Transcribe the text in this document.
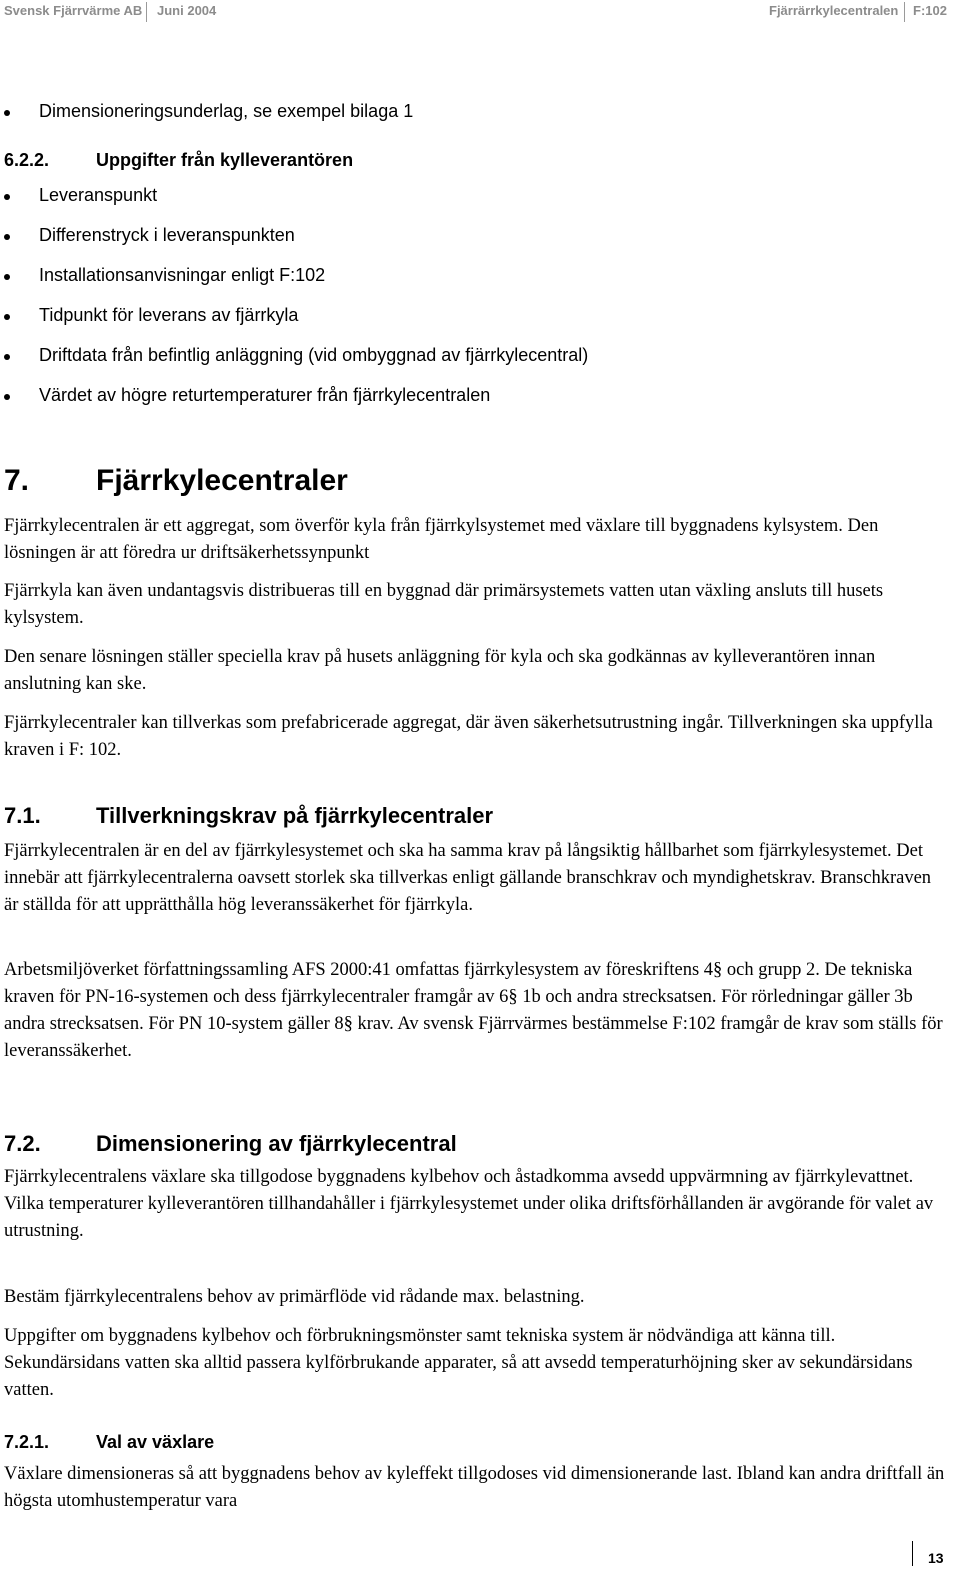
Svensk Fjärrvärme AB Juni 2004	Fjärrärrkylecentralen F:102
Dimensioneringsunderlag, se exempel bilaga 1
6.2.2.	Uppgifter från kylleverantören
Leveranspunkt
Differenstryck i leveranspunkten
Installationsanvisningar enligt F:102
Tidpunkt för leverans av fjärrkyla
Driftdata från befintlig anläggning (vid ombyggnad av fjärrkylecentral)
Värdet av högre returtemperaturer från fjärrkylecentralen
7. Fjärrkylecentraler

Fjärrkylecentralen är ett aggregat, som överför kyla från fjärrkylsystemet med växlare till byggnadens kylsystem. Den lösningen är att föredra ur driftsäkerhetssynpunkt

Fjärrkyla kan även undantagsvis distribueras till en byggnad där primärsystemets vatten utan växling ansluts till husets kylsystem.

Den senare lösningen ställer speciella krav på husets anläggning för kyla och ska godkännas av kylleverantören innan anslutning kan ske.

Fjärrkylecentraler kan tillverkas som prefabricerade aggregat, där även säkerhetsutrustning ingår. Tillverkningen ska uppfylla kraven i F: 102.

7.1.	Tillverkningskrav på fjärrkylecentraler

Fjärrkylecentralen är en del av fjärrkylesystemet och ska ha samma krav på långsiktig hållbarhet som fjärrkylesystemet. Det innebär att fjärrkylecentralerna oavsett storlek ska tillverkas enligt gällande branschkrav och myndighetskrav. Branschkraven är ställda för att upprätthålla hög leveranssäkerhet för fjärrkyla.

Arbetsmiljöverket författningssamling AFS 2000:41 omfattas fjärrkylesystem av föreskriftens 4§ och grupp 2. De tekniska kraven för PN-16-systemen och dess fjärrkylecentraler framgår av 6§ 1b och andra strecksatsen. För rörledningar gäller 3b andra strecksatsen. För PN 10-system gäller 8§ krav. Av svensk Fjärrvärmes bestämmelse F:102 framgår de krav som ställs för leveranssäkerhet.

7.2.	Dimensionering av fjärrkylecentral

Fjärrkylecentralens växlare ska tillgodose byggnadens kylbehov och åstadkomma avsedd uppvärmning av fjärrkylevattnet. Vilka temperaturer kylleverantören tillhandahåller i fjärrkylesystemet under olika driftsförhållanden är avgörande för valet av utrustning.

Bestäm fjärrkylecentralens behov av primärflöde vid rådande max. belastning.

Uppgifter om byggnadens kylbehov och förbrukningsmönster samt tekniska system är nödvändiga att känna till. Sekundärsidans vatten ska alltid passera kylförbrukande apparater, så att avsedd temperaturhöjning sker av sekundärsidans vatten.

7.2.1.	Val av växlare

Växlare dimensioneras så att byggnadens behov av kyleffekt tillgodoses vid dimensionerande last. Ibland kan andra driftfall än högsta utomhustemperatur vara

13
